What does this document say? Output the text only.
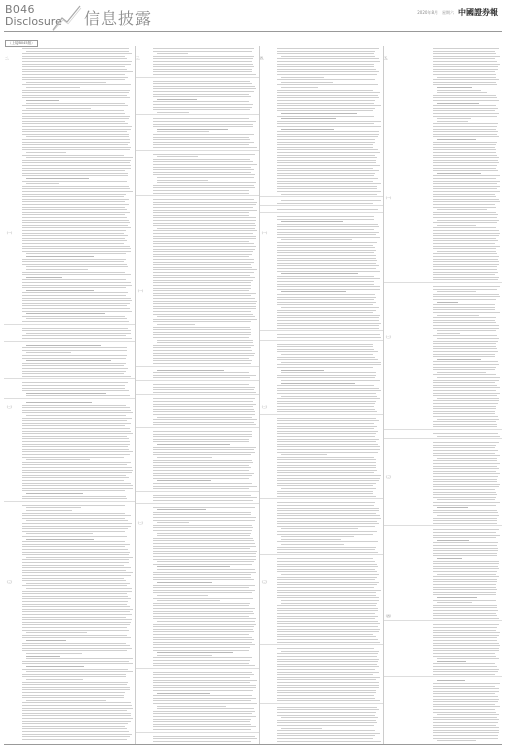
B046
Disclosure 信息披露	2020年8月 星期六 中國證券報
（上接B045版）
二、
（一）
（二）
（三）
三、
（一）
（二）
四、
（一）
（二）
（三）
五、
（一）
（二）
（三）
（四）
